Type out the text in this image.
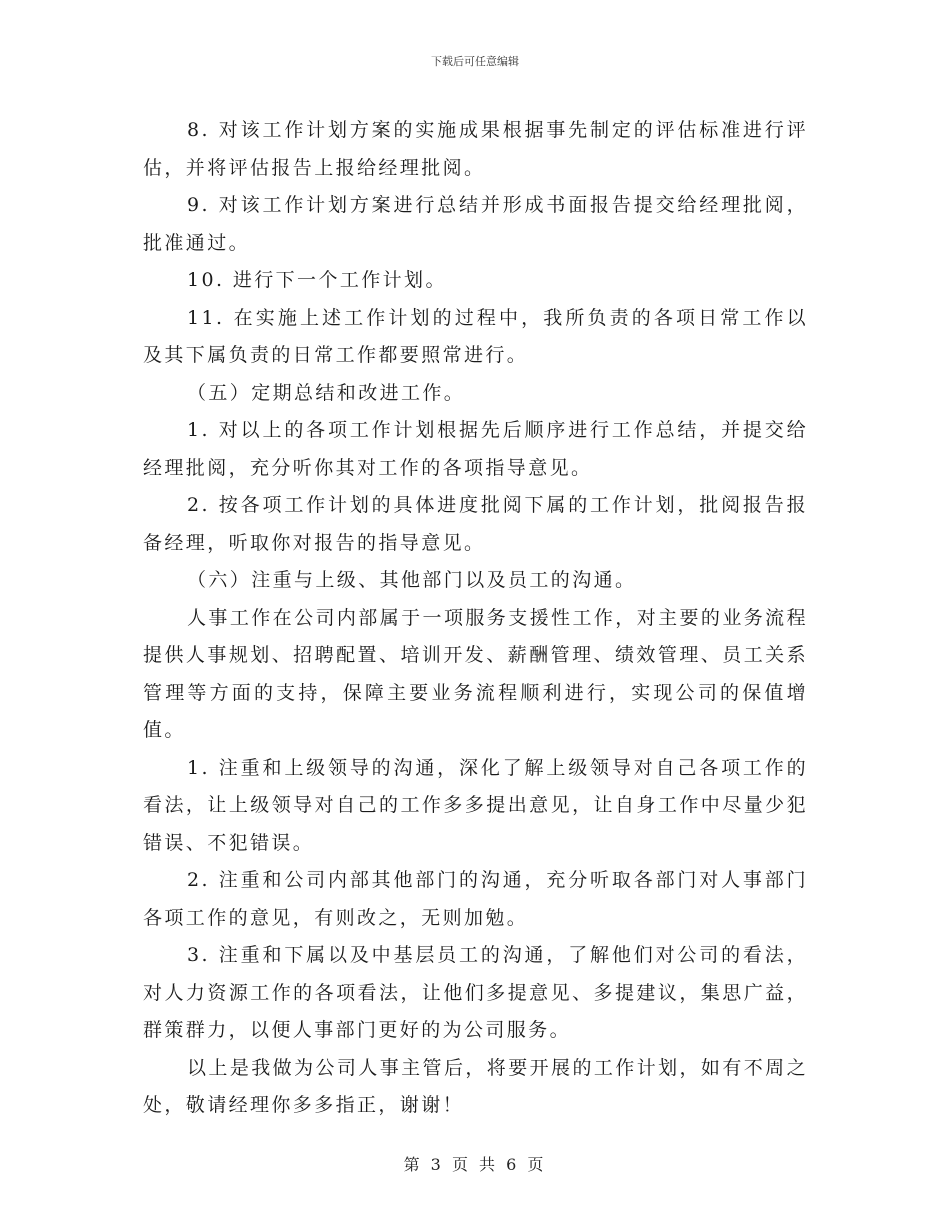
下载后可任意编辑

8. 对该工作计划方案的实施成果根据事先制定的评估标准进行评估，并将评估报告上报给经理批阅。

9. 对该工作计划方案进行总结并形成书面报告提交给经理批阅，批准通过。

10. 进行下一个工作计划。

11. 在实施上述工作计划的过程中，我所负责的各项日常工作以及其下属负责的日常工作都要照常进行。

（五）定期总结和改进工作。

1. 对以上的各项工作计划根据先后顺序进行工作总结，并提交给经理批阅，充分听你其对工作的各项指导意见。

2. 按各项工作计划的具体进度批阅下属的工作计划，批阅报告报备经理，听取你对报告的指导意见。

（六）注重与上级、其他部门以及员工的沟通。

人事工作在公司内部属于一项服务支援性工作，对主要的业务流程提供人事规划、招聘配置、培训开发、薪酬管理、绩效管理、员工关系管理等方面的支持，保障主要业务流程顺利进行，实现公司的保值增值。

1. 注重和上级领导的沟通，深化了解上级领导对自己各项工作的看法，让上级领导对自己的工作多多提出意见，让自身工作中尽量少犯错误、不犯错误。

2. 注重和公司内部其他部门的沟通，充分听取各部门对人事部门各项工作的意见，有则改之，无则加勉。

3. 注重和下属以及中基层员工的沟通，了解他们对公司的看法，对人力资源工作的各项看法，让他们多提意见、多提建议，集思广益，群策群力，以便人事部门更好的为公司服务。

以上是我做为公司人事主管后，将要开展的工作计划，如有不周之处，敬请经理你多多指正，谢谢！

第 3 页 共 6 页
